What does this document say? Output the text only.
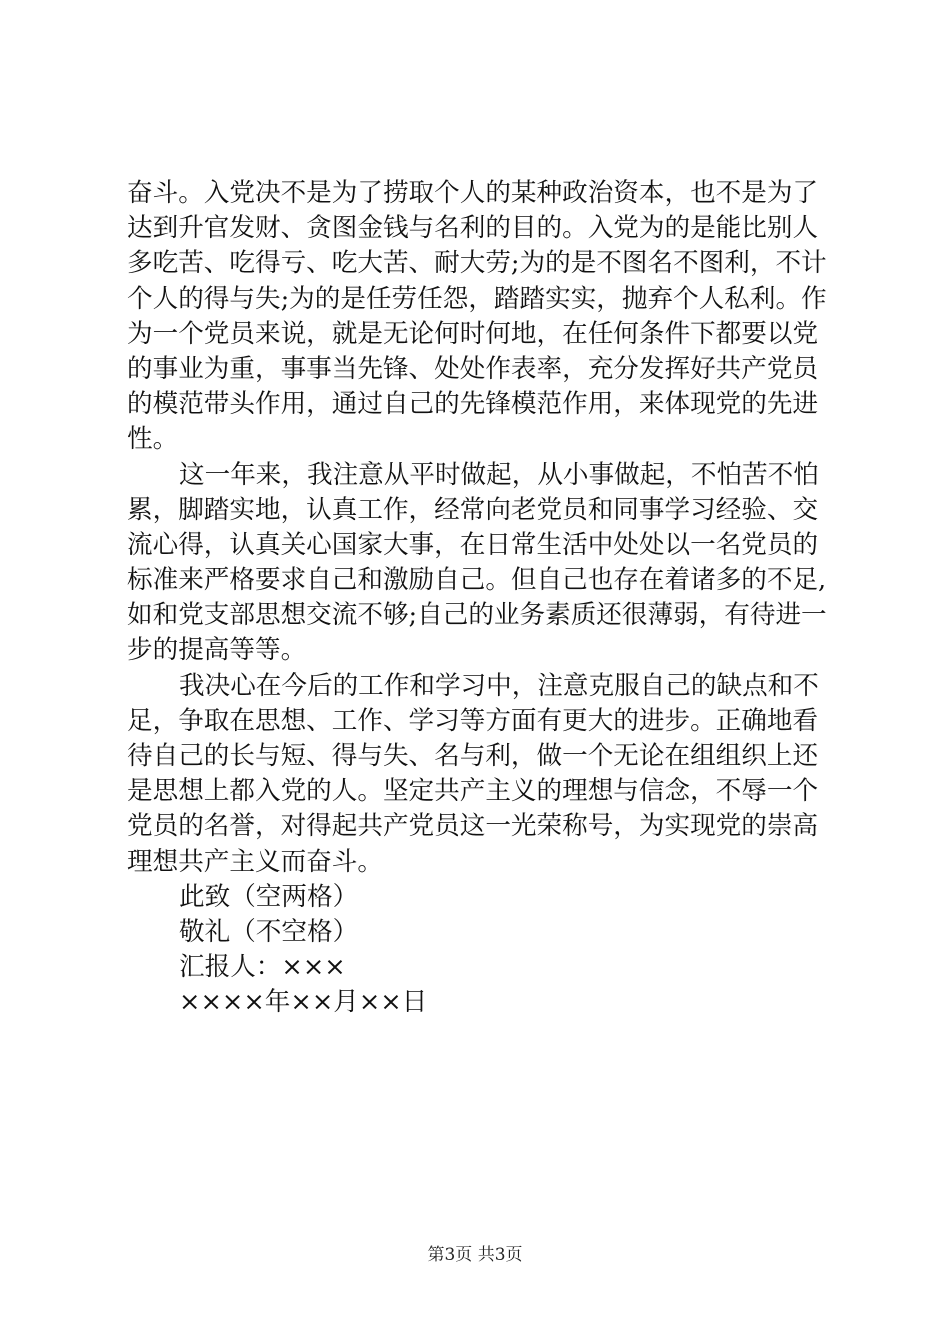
奋斗。入党决不是为了捞取个人的某种政治资本，也不是为了
达到升官发财、贪图金钱与名利的目的。入党为的是能比别人
多吃苦、吃得亏、吃大苦、耐大劳;为的是不图名不图利，不计
个人的得与失;为的是任劳任怨，踏踏实实，抛弃个人私利。作
为一个党员来说，就是无论何时何地，在任何条件下都要以党
的事业为重，事事当先锋、处处作表率，充分发挥好共产党员
的模范带头作用，通过自己的先锋模范作用，来体现党的先进
性。
这一年来，我注意从平时做起，从小事做起，不怕苦不怕
累，脚踏实地，认真工作，经常向老党员和同事学习经验、交
流心得，认真关心国家大事，在日常生活中处处以一名党员的
标准来严格要求自己和激励自己。但自己也存在着诸多的不足,
如和党支部思想交流不够;自己的业务素质还很薄弱，有待进一
步的提高等等。
我决心在今后的工作和学习中，注意克服自己的缺点和不
足，争取在思想、工作、学习等方面有更大的进步。正确地看
待自己的长与短、得与失、名与利，做一个无论在组组织上还
是思想上都入党的人。坚定共产主义的理想与信念，不辱一个
党员的名誉，对得起共产党员这一光荣称号，为实现党的崇高
理想共产主义而奋斗。
此致（空两格）
敬礼（不空格）
汇报人：×××
××××年××月××日
第3页 共3页
